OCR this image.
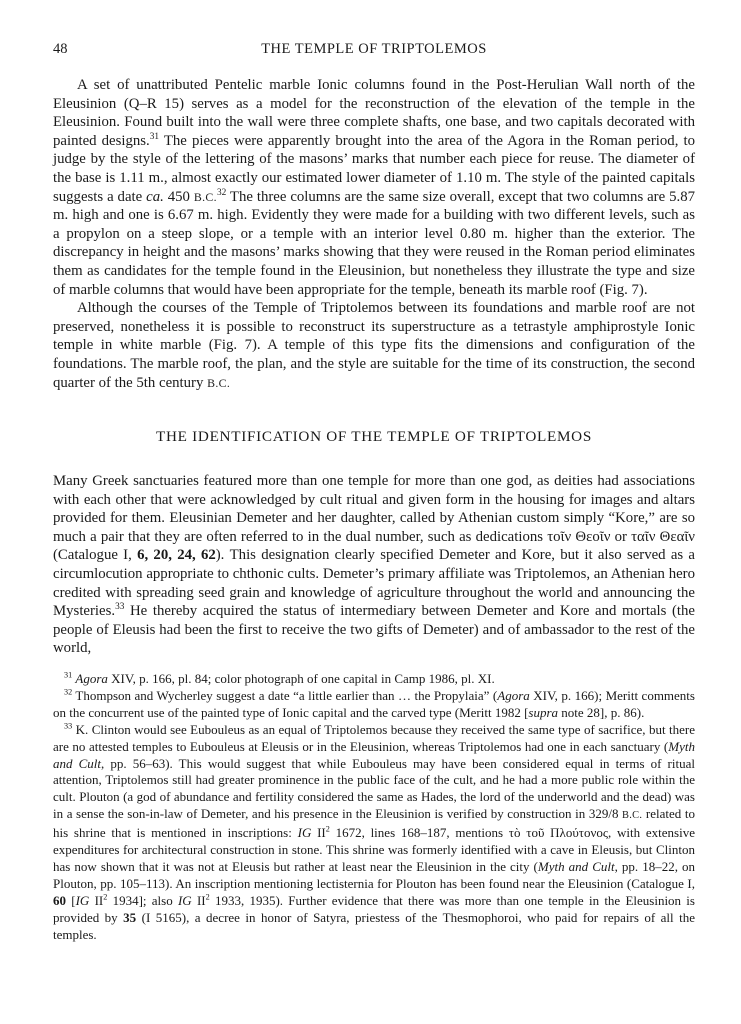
48	THE TEMPLE OF TRIPTOLEMOS

A set of unattributed Pentelic marble Ionic columns found in the Post-Herulian Wall north of the Eleusinion (Q–R 15) serves as a model for the reconstruction of the elevation of the temple in the Eleusinion. Found built into the wall were three complete shafts, one base, and two capitals decorated with painted designs.$^{31}$ The pieces were apparently brought into the area of the Agora in the Roman period, to judge by the style of the lettering of the masons’ marks that number each piece for reuse. The diameter of the base is 1.11 m., almost exactly our estimated lower diameter of 1.10 m. The style of the painted capitals suggests a date ca. 450 B.C.$^{32}$ The three columns are the same size overall, except that two columns are 5.87 m. high and one is 6.67 m. high. Evidently they were made for a building with two different levels, such as a propylon on a steep slope, or a temple with an interior level 0.80 m. higher than the exterior. The discrepancy in height and the masons’ marks showing that they were reused in the Roman period eliminates them as candidates for the temple found in the Eleusinion, but nonetheless they illustrate the type and size of marble columns that would have been appropriate for the temple, beneath its marble roof (Fig. 7).

Although the courses of the Temple of Triptolemos between its foundations and marble roof are not preserved, nonetheless it is possible to reconstruct its superstructure as a tetrastyle amphiprostyle Ionic temple in white marble (Fig. 7). A temple of this type fits the dimensions and configuration of the foundations. The marble roof, the plan, and the style are suitable for the time of its construction, the second quarter of the 5th century B.C.

THE IDENTIFICATION OF THE TEMPLE OF TRIPTOLEMOS

Many Greek sanctuaries featured more than one temple for more than one god, as deities had associations with each other that were acknowledged by cult ritual and given form in the housing for images and altars provided for them. Eleusinian Demeter and her daughter, called by Athenian custom simply “Kore,” are so much a pair that they are often referred to in the dual number, such as dedications τοῖν Θεοῖν or ταῖν Θεαῖν (Catalogue I, 6, 20, 24, 62). This designation clearly specified Demeter and Kore, but it also served as a circumlocution appropriate to chthonic cults. Demeter’s primary affiliate was Triptolemos, an Athenian hero credited with spreading seed grain and knowledge of agriculture throughout the world and announcing the Mysteries.$^{33}$ He thereby acquired the status of intermediary between Demeter and Kore and mortals (the people of Eleusis had been the first to receive the two gifts of Demeter) and of ambassador to the rest of the world,

$^{31}$ Agora XIV, p. 166, pl. 84; color photograph of one capital in Camp 1986, pl. XI.

$^{32}$ Thompson and Wycherley suggest a date “a little earlier than … the Propylaia” (Agora XIV, p. 166); Meritt comments on the concurrent use of the painted type of Ionic capital and the carved type (Meritt 1982 [supra note 28], p. 86).

$^{33}$ K. Clinton would see Eubouleus as an equal of Triptolemos because they received the same type of sacrifice, but there are no attested temples to Eubouleus at Eleusis or in the Eleusinion, whereas Triptolemos had one in each sanctuary (Myth and Cult, pp. 56–63). This would suggest that while Eubouleus may have been considered equal in terms of ritual attention, Triptolemos still had greater prominence in the public face of the cult, and he had a more public role within the cult. Plouton (a god of abundance and fertility considered the same as Hades, the lord of the underworld and the dead) was in a sense the son-in-law of Demeter, and his presence in the Eleusinion is verified by construction in 329/8 B.C. related to his shrine that is mentioned in inscriptions: IG $II^2$ 1672, lines 168–187, mentions τὸ τοῦ Πλούτονος, with extensive expenditures for architectural construction in stone. This shrine was formerly identified with a cave in Eleusis, but Clinton has now shown that it was not at Eleusis but rather at least near the Eleusinion in the city (Myth and Cult, pp. 18–22, on Plouton, pp. 105–113). An inscription mentioning lectisternia for Plouton has been found near the Eleusinion (Catalogue I, 60 [IG $II^2$ 1934]; also IG $II^2$ 1933, 1935). Further evidence that there was more than one temple in the Eleusinion is provided by 35 (I 5165), a decree in honor of Satyra, priestess of the Thesmophoroi, who paid for repairs of all the temples.
